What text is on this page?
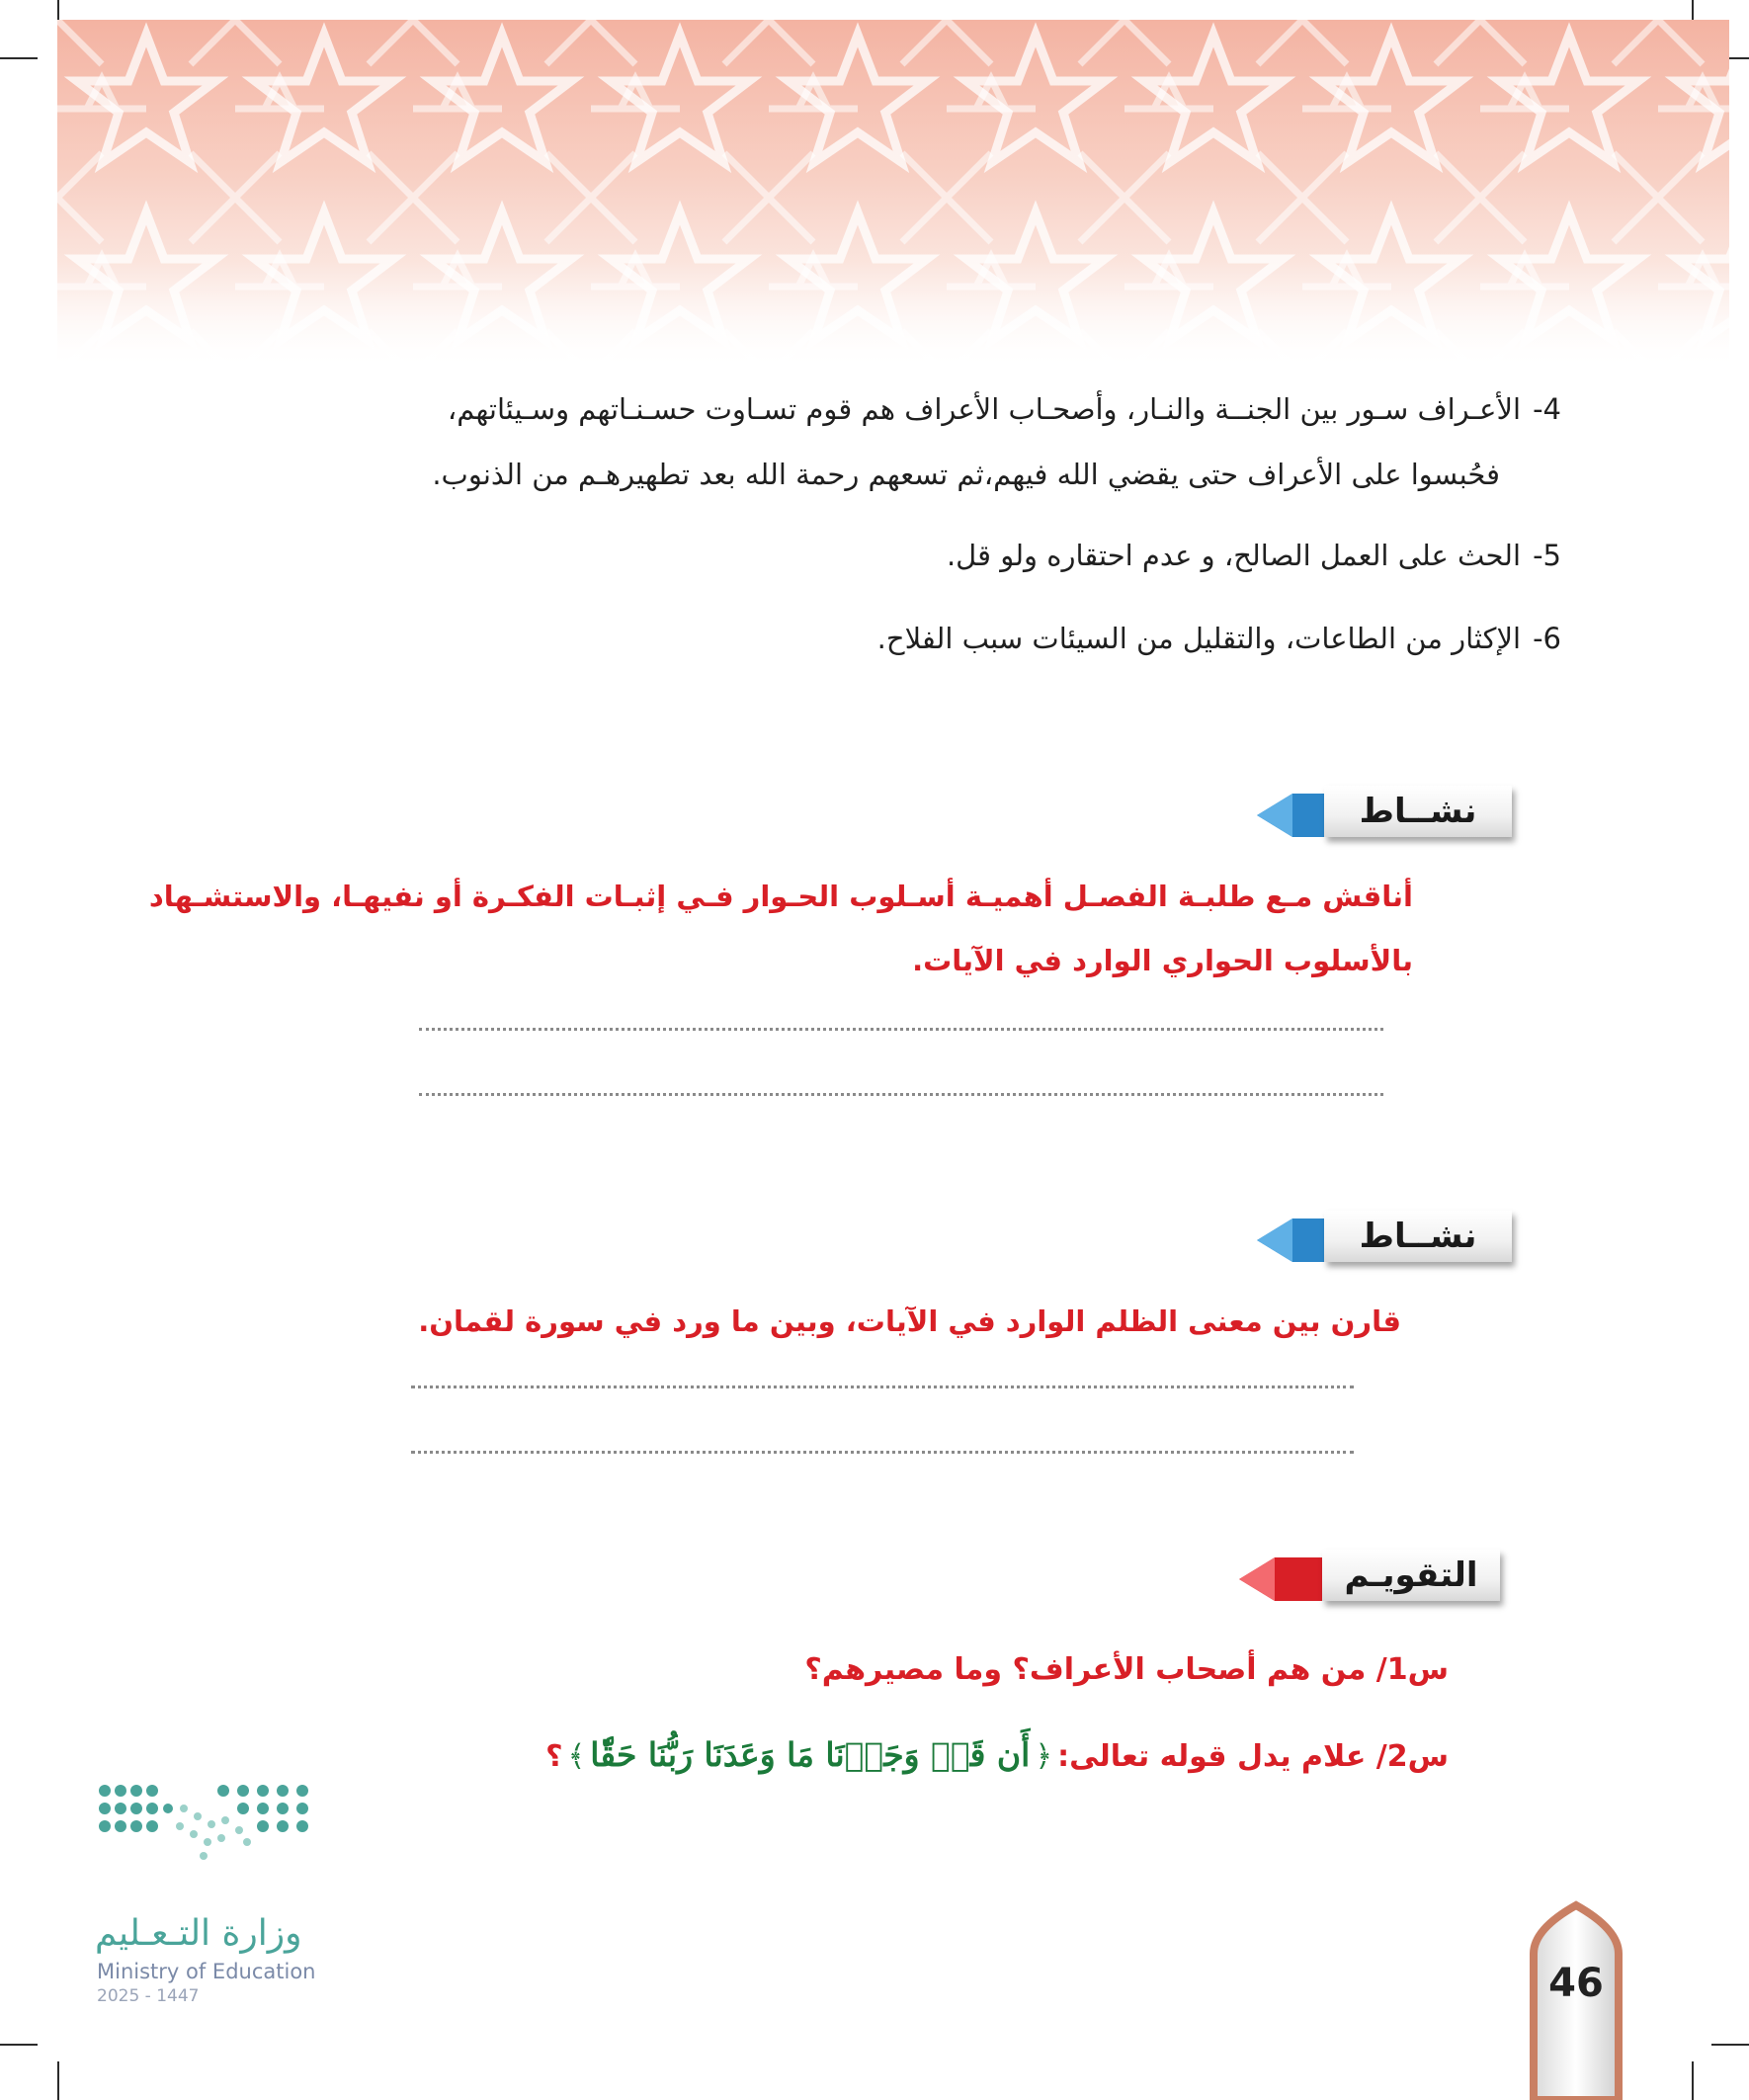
4-الأعـراف سـور بين الجنــة والنـار، وأصحـاب الأعراف هم قوم تسـاوت حسـنـاتهم وسـيئاتهم،
فحُبسوا على الأعراف حتى يقضي الله فيهم،ثم تسعهم رحمة الله بعد تطهيرهـم من الذنوب.
5-الحث على العمل الصالح، و عدم احتقاره ولو قل.
6-الإكثار من الطاعات، والتقليل من السيئات سبب الفلاح.
نشــاط
أناقش مـع طلبـة الفصـل أهميـة أسـلوب الحـوار فـي إثبـات الفكـرة أو نفيهـا، والاستشـهاد
بالأسلوب الحواري الوارد في الآيات.
نشــاط
قارن بين معنى الظلم الوارد في الآيات، وبين ما ورد في سورة لقمان.
التقويـم
س1/ من هم أصحاب الأعراف؟ وما مصيرهم؟
س2/ علام يدل قوله تعالى: ﴿ أَن قَدۡ وَجَدۡنَا مَا وَعَدَنَا رَبُّنَا حَقّٗا ﴾ ؟
وزارة التـعـليم
Ministry of Education
2025 - 1447	46
